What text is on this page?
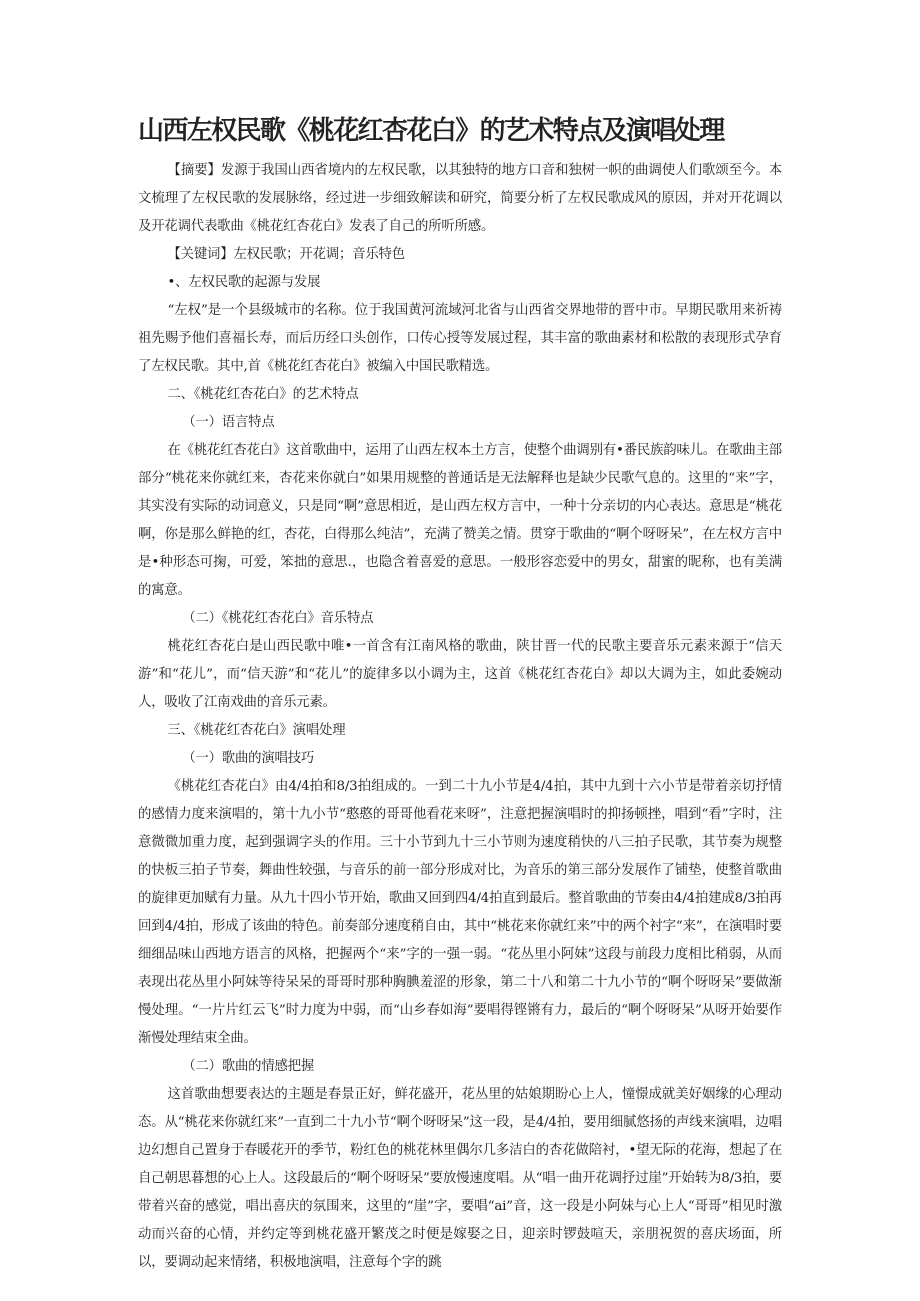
山西左权民歌《桃花红杏花白》的艺术特点及演唱处理

【摘要】发源于我国山西省境内的左权民歌，以其独特的地方口音和独树一帜的曲调使人们歌颂至今。本文梳理了左权民歌的发展脉络，经过进一步细致解读和研究，简要分析了左权民歌成风的原因，并对开花调以及开花调代表歌曲《桃花红杏花白》发表了自己的所听所感。

【关键词】左权民歌；开花调；音乐特色

•、左权民歌的起源与发展

“左权”是一个县级城市的名称。位于我国黄河流域河北省与山西省交界地带的晋中市。早期民歌用来祈祷祖先赐予他们喜福长寿，而后历经口头创作，口传心授等发展过程，其丰富的歌曲素材和松散的表现形式孕育了左权民歌。其中,首《桃花红杏花白》被编入中国民歌精选。

二、《桃花红杏花白》的艺术特点

（一）语言特点

在《桃花红杏花白》这首歌曲中，运用了山西左权本土方言，使整个曲调别有•番民族韵味儿。在歌曲主部部分“桃花来你就红来，杏花来你就白”如果用规整的普通话是无法解释也是缺少民歌气息的。这里的“来”字，其实没有实际的动词意义，只是同“啊”意思相近，是山西左权方言中，一种十分亲切的内心表达。意思是“桃花啊，你是那么鲜艳的红，杏花，白得那么纯洁”，充满了赞美之情。贯穿于歌曲的“啊个呀呀呆”，在左权方言中是•种形态可掬，可爱，笨拙的意思.，也隐含着喜爱的意思。一般形容恋爱中的男女，甜蜜的昵称，也有美满的寓意。

（二）《桃花红杏花白》音乐特点

桃花红杏花白是山西民歌中唯•一首含有江南风格的歌曲，陕甘晋一代的民歌主要音乐元素来源于“信天游”和“花儿”，而“信天游”和“花儿”的旋律多以小调为主，这首《桃花红杏花白》却以大调为主，如此委婉动人，吸收了江南戏曲的音乐元素。

三、《桃花红杏花白》演唱处理

（一）歌曲的演唱技巧

《桃花红杏花白》由4/4拍和8/3拍组成的。一到二十九小节是4/4拍，其中九到十六小节是带着亲切抒情的感情力度来演唱的，第十九小节“憨憨的哥哥他看花来呀”，注意把握演唱时的抑扬顿挫，唱到“看”字时，注意微微加重力度，起到强调字头的作用。三十小节到九十三小节则为速度稍快的八三拍子民歌，其节奏为规整的快板三拍子节奏，舞曲性较强，与音乐的前一部分形成对比，为音乐的第三部分发展作了铺垫，使整首歌曲的旋律更加赋有力量。从九十四小节开始，歌曲又回到四4/4拍直到最后。整首歌曲的节奏由4/4拍建成8/3拍再回到4/4拍，形成了该曲的特色。前奏部分速度稍自由，其中“桃花来你就红来”中的两个衬字“来”，在演唱时要细细品味山西地方语言的风格，把握两个“来”字的一强一弱。“花丛里小阿妹”这段与前段力度相比稍弱，从而表现出花丛里小阿妹等待呆呆的哥哥时那种胸腆羞涩的形象，第二十八和第二十九小节的“啊个呀呀呆”要做渐慢处理。“一片片红云飞”时力度为中弱，而“山乡春如海”要唱得铿锵有力，最后的“啊个呀呀呆”从呀开始要作渐慢处理结束全曲。

（二）歌曲的情感把握

这首歌曲想要表达的主题是春景正好，鲜花盛开，花丛里的姑娘期盼心上人，憧憬成就美好姻缘的心理动态。从“桃花来你就红来”一直到二十九小节“啊个呀呀呆”这一段，是4/4拍，要用细腻悠扬的声线来演唱，边唱边幻想自己置身于春暖花开的季节，粉红色的桃花林里偶尔几多洁白的杏花做陪衬，•望无际的花海，想起了在自己朝思暮想的心上人。这段最后的“啊个呀呀呆”要放慢速度唱。从“唱一曲开花调抒过崖”开始转为8/3拍，要带着兴奋的感觉，唱出喜庆的氛围来，这里的“崖”字，要唱“ai”音，这一段是小阿妹与心上人“哥哥”相见时激动而兴奋的心情，并约定等到桃花盛开繁茂之时便是嫁娶之日，迎亲时锣鼓喧天，亲朋祝贺的喜庆场面，所以，要调动起来情绪，积极地演唱，注意每个字的跳
